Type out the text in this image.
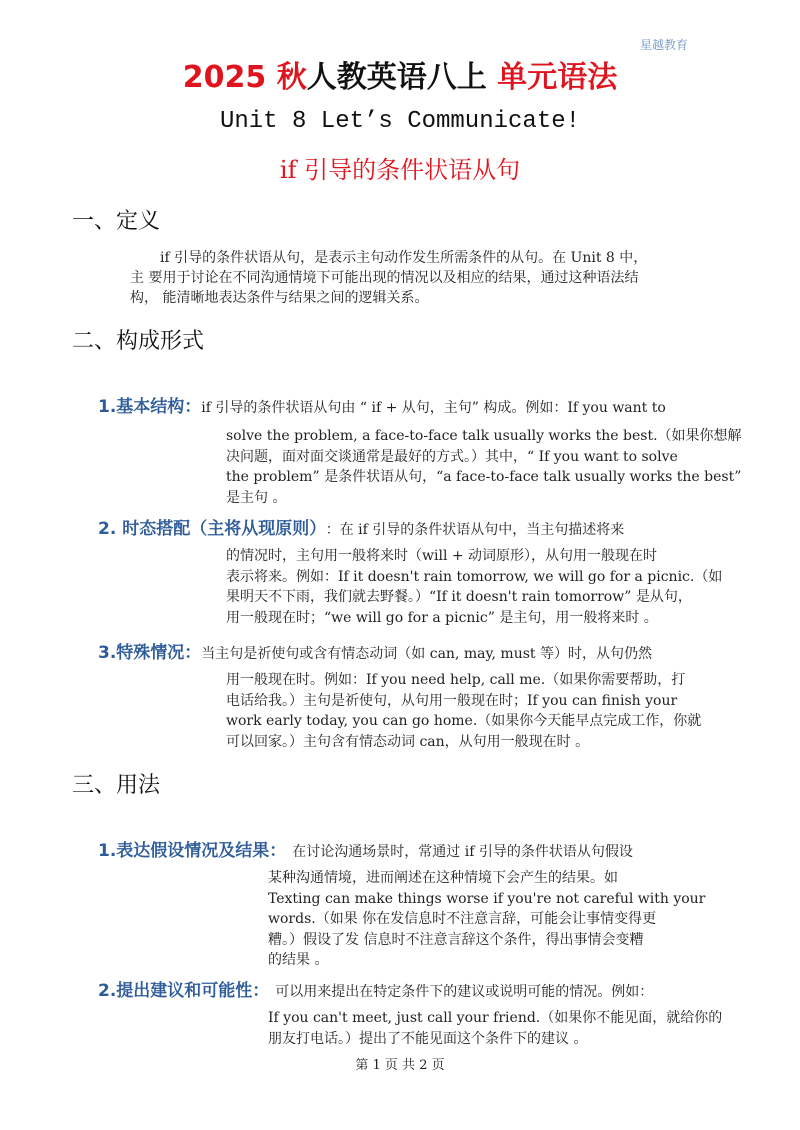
星越教育
2025 秋人教英语八上 单元语法
Unit 8 Let’s Communicate!
if 引导的条件状语从句
一、定义
if 引导的条件状语从句，是表示主句动作发生所需条件的从句。在 Unit 8 中，
主 要用于讨论在不同沟通情境下可能出现的情况以及相应的结果，通过这种语法结
构， 能清晰地表达条件与结果之间的逻辑关系。
二、构成形式
1.基本结构：if 引导的条件状语从句由 “ if + 从句，主句” 构成。例如：If you want to
solve the problem, a face-to-face talk usually works the best.（如果你想解
决问题，面对面交谈通常是最好的方式。）其中，“ If you want to solve
the problem” 是条件状语从句，“a face-to-face talk usually works the best”
是主句 。
2. 时态搭配（主将从现原则） ：在 if 引导的条件状语从句中，当主句描述将来
的情况时，主句用一般将来时（will + 动词原形），从句用一般现在时
表示将来。例如：If it doesn't rain tomorrow, we will go for a picnic.（如
果明天不下雨，我们就去野餐。）“If it doesn't rain tomorrow” 是从句，
用一般现在时；“we will go for a picnic” 是主句，用一般将来时 。
3.特殊情况：当主句是祈使句或含有情态动词（如 can, may, must 等）时，从句仍然
用一般现在时。例如：If you need help, call me.（如果你需要帮助，打
电话给我。）主句是祈使句，从句用一般现在时；If you can finish your
work early today, you can go home.（如果你今天能早点完成工作，你就
可以回家。）主句含有情态动词 can，从句用一般现在时 。
三、用法
1.表达假设情况及结果： 在讨论沟通场景时，常通过 if 引导的条件状语从句假设
某种沟通情境，进而阐述在这种情境下会产生的结果。如
Texting can make things worse if you're not careful with your
words.（如果 你在发信息时不注意言辞，可能会让事情变得更
糟。）假设了发 信息时不注意言辞这个条件，得出事情会变糟
的结果 。
2.提出建议和可能性： 可以用来提出在特定条件下的建议或说明可能的情况。例如：
If you can't meet, just call your friend.（如果你不能见面，就给你的
朋友打电话。）提出了不能见面这个条件下的建议 。
第 1 页 共 2 页
